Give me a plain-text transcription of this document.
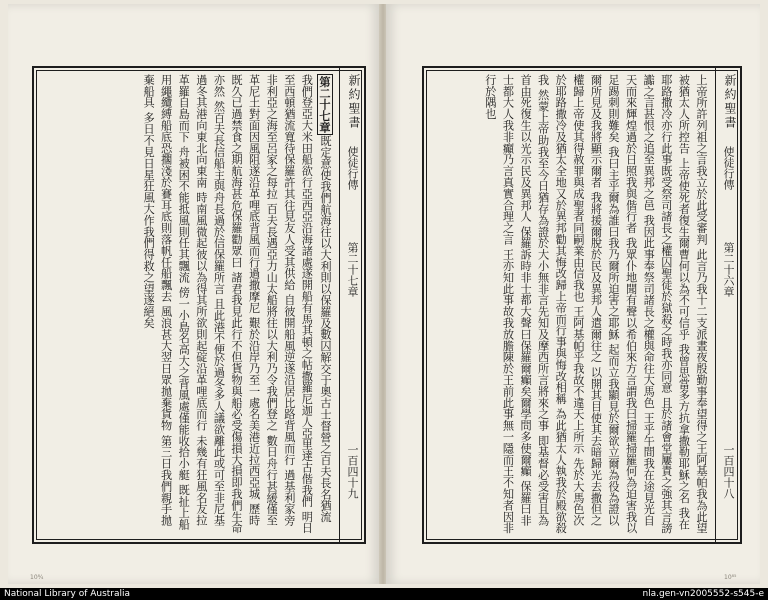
第二十七章既定意使我們航海往以大利則以保羅及數囚解交于奧古士督營之百夫長名猶流 我們登亞大米田船欲行亞西亞沿海諸處遂開船有馬其頓之帖撒羅尼迦人亞里達古偕我們 明日至西頓猶流寬待保羅許其往見友人受其供給 自彼開船風逆遂沿居比路背風而行 過基利家旁非利亞之海至呂家之每拉 百夫長遇亞力山太船將往以大利乃令我們登之 數日舟行甚緩僅至革尼土對面因風阻遂沿革哩底背風而行過撒摩尼 艱於沿岸乃至一處名美港近拉西亞城 歷時既久已過禁食之期航海甚危保羅勸眾曰 諸君我見此行不但貨物與船必受傷損大損即我們生命亦然 然百夫長信船主與舟長過於信保羅所言 且此港不便於過冬多人議欲離此或可至非尼基過冬其港向東北向東南 時南風微起彼以為得其所欲則起碇沿革哩底而行 未幾有狂風名友拉革羅自島而下 舟被困不能抵風則任其飄流 傍一小島名高大之背風處僅能收拾小艇 既扯上船用繩纜縛船底恐擱淺於賽耳底則落帆任船飄去 風浪甚大翌日眾拋棄貨物 第三日我們親手拋棄船具 多日不見日星狂風大作我們得救之望遂絕矣	新約聖書
使徒行傳
第二十七章
一百四十九	上帝所許列祖之言我立於此受審判 此言乃我十二支派晝夜殷勤事奉望得之王阿基帕我為此望被猶太人所控告 上帝使死者復生爾曹何以為不可信乎 我曾思當多方抗拿撒勒耶穌之名 我在耶路撒冷亦行此事既受祭司諸長之權囚聖徒於獄殺之時我亦同意 且於諸會堂屢責之強其言謗讟之言甚恨之追至異邦之邑 我因此事奉祭司諸長之權與命往大馬色 王乎午間我在途見光自天而來輝煌過於日照我與偕行者 我眾仆地聞有聲以希伯來方言謂我曰掃羅掃羅何為迫害我以足踢刺則難矣 我曰主乎爾為誰曰我乃爾所迫害之耶穌 起而立我顯見於爾欲立爾為役為證以爾所見及我將顯示爾者 我將援爾脫於民及異邦人遣爾往之 以開其目使其去暗歸光去撒但之權歸上帝使其得赦罪與成聖者同嗣業由信我也 王阿基帕乎我故不違天上所示 先於大馬色次於耶路撒冷及猶太全地又於異邦勸其悔改歸上帝而行事與悔改相稱 為此猶太人執我於殿欲殺我 然蒙上帝助我至今日猶存為證於大小無非言先知及摩西所言將來之事 即基督必受害且為首由死復生以光示民及異邦人 保羅訴時非士都大聲曰保羅爾癲矣爾學問多使爾癲 保羅曰非士都大人我非癲乃言真實合理之言 王亦知此事故我放膽陳於王前此事無一隱而王不知者因非行於隅也	新約聖書
使徒行傳
第二十六章
一百四十八
10⁸⁄₄	10⁸⁵
National Library of Australia	nla.gen-vn2005552-s545-e
